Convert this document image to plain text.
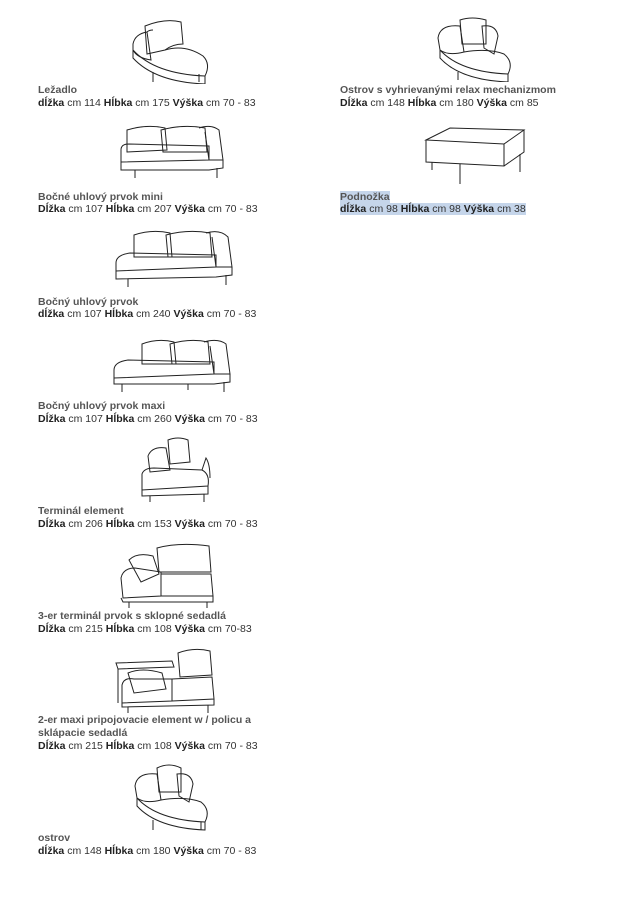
Ležadlo
dĺžka cm 114 Hĺbka cm 175 Výška cm 70 - 83
Bočné uhlový prvok mini
Dĺžka cm 107 Hĺbka cm 207 Výška cm 70 - 83
Bočný uhlový prvok
dĺžka cm 107 Hĺbka cm 240 Výška cm 70 - 83
Bočný uhlový prvok maxi
Dĺžka cm 107 Hĺbka cm 260 Výška cm 70 - 83
Terminál element
Dĺžka cm 206 Hĺbka cm 153 Výška cm 70 - 83
3-er terminál prvok s sklopné sedadlá
Dĺžka cm 215 Hĺbka cm 108 Výška cm 70-83
2-er maxi pripojovacie element w / policu a
sklápacie sedadlá
Dĺžka cm 215 Hĺbka cm 108 Výška cm 70 - 83
ostrov
dĺžka cm 148 Hĺbka cm 180 Výška cm 70 - 83
Ostrov s vyhrievanými relax mechanizmom
Dĺžka cm 148 Hĺbka cm 180 Výška cm 85
Podnožka
dĺžka cm 98 Hĺbka cm 98 Výška cm 38
